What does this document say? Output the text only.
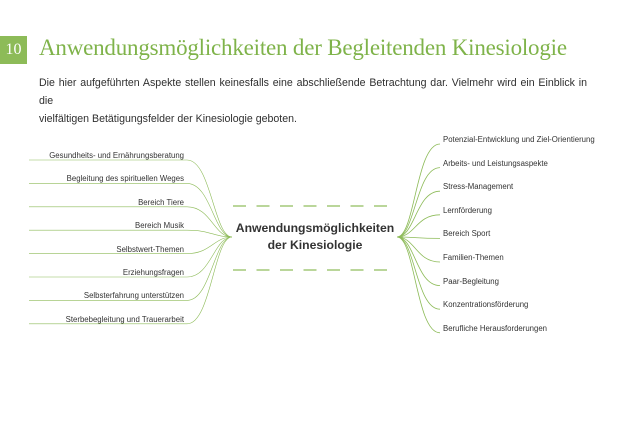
10 Anwendungsmöglichkeiten der Begleitenden Kinesiologie

Die hier aufgeführten Aspekte stellen keinesfalls eine abschließende Betrachtung dar. Vielmehr wird ein Einblick in die
vielfältigen Betätigungsfelder der Kinesiologie geboten.

Anwendungsmöglichkeiten
der Kinesiologie
Gesundheits- und Ernährungsberatung
Begleitung des spirituellen Weges
Bereich Tiere
Bereich Musik
Selbstwert-Themen
Erziehungsfragen
Selbsterfahrung unterstützen
Sterbebegleitung und Trauerarbeit
Potenzial-Entwicklung und Ziel-Orientierung
Arbeits- und Leistungsaspekte
Stress-Management
Lernförderung
Bereich Sport
Familien-Themen
Paar-Begleitung
Konzentrationsförderung
Berufliche Herausforderungen
